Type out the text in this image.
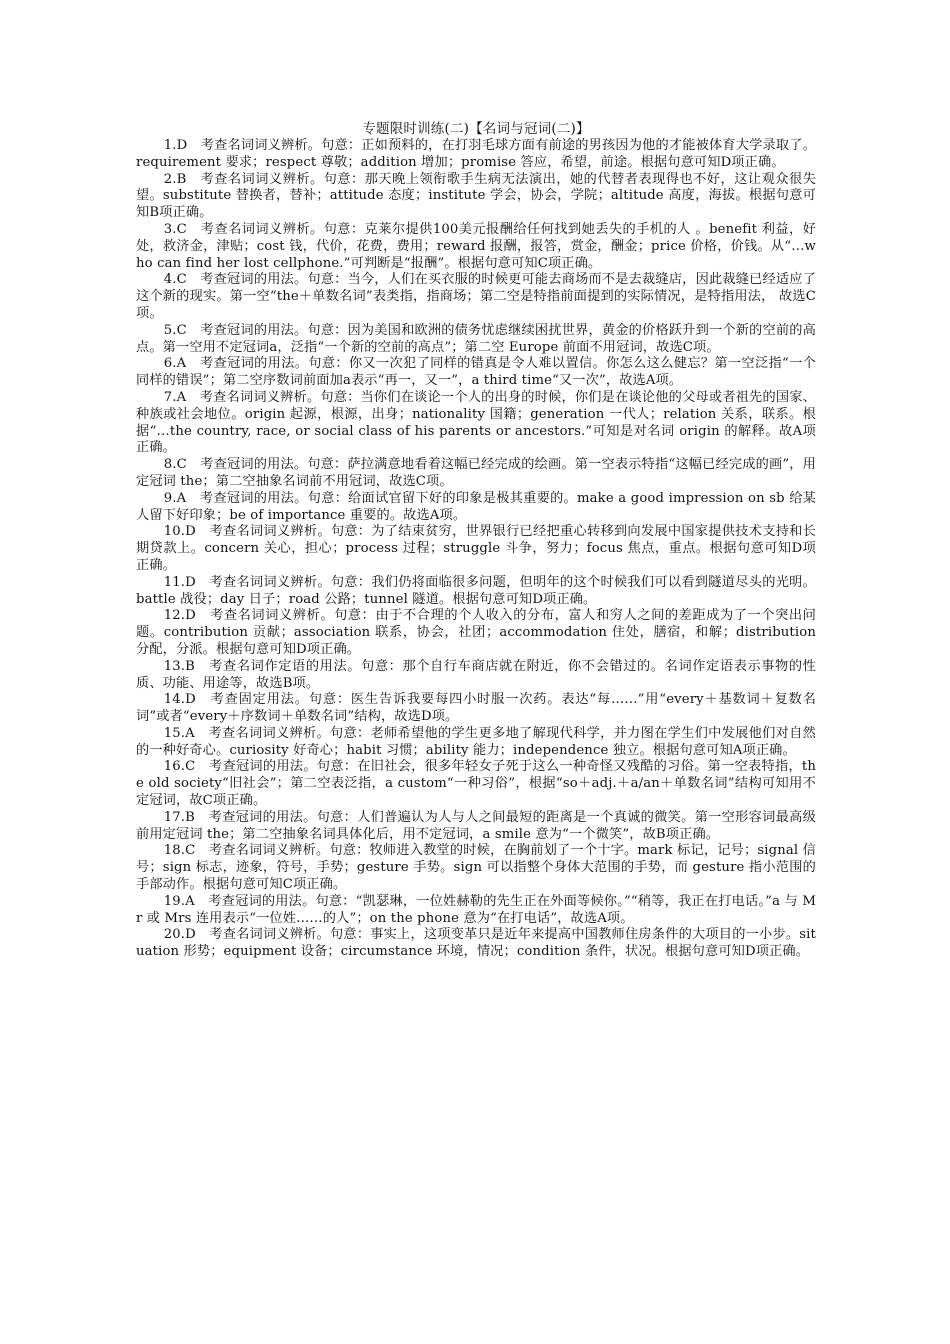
专题限时训练(二)【名词与冠词(二)】

1.D　考查名词词义辨析。句意：正如预料的，在打羽毛球方面有前途的男孩因为他的才能被体育大学录取了。requirement 要求；respect 尊敬；addition 增加；promise 答应，希望，前途。根据句意可知D项正确。

2.B　考查名词词义辨析。句意：那天晚上领衔歌手生病无法演出，她的代替者表现得也不好，这让观众很失望。substitute 替换者，替补；attitude 态度；institute 学会，协会，学院；altitude 高度，海拔。根据句意可知B项正确。

3.C　考查名词词义辨析。句意：克莱尔提供100美元报酬给任何找到她丢失的手机的人 。benefit 利益，好处，救济金，津贴；cost 钱，代价，花费，费用；reward 报酬，报答，赏金，酬金；price 价格，价钱。从“…who can find her lost cellphone.”可判断是“报酬”。根据句意可知C项正确。

4.C　考查冠词的用法。句意：当今，人们在买衣服的时候更可能去商场而不是去裁缝店，因此裁缝已经适应了这个新的现实。第一空“the＋单数名词”表类指，指商场；第二空是特指前面提到的实际情况，是特指用法， 故选C项。

5.C　考查冠词的用法。句意：因为美国和欧洲的债务忧虑继续困扰世界，黄金的价格跃升到一个新的空前的高点。第一空用不定冠词a，泛指“一个新的空前的高点”；第二空 Europe 前面不用冠词，故选C项。

6.A　考查冠词的用法。句意：你又一次犯了同样的错真是令人难以置信。你怎么这么健忘？第一空泛指“一个同样的错误”；第二空序数词前面加a表示“再一，又一”，a third time“又一次”，故选A项。

7.A　考查名词词义辨析。句意：当你们在谈论一个人的出身的时候，你们是在谈论他的父母或者祖先的国家、种族或社会地位。origin 起源，根源，出身；nationality 国籍；generation 一代人；relation 关系，联系。根据“…the country, race, or social class of his parents or ancestors.”可知是对名词 origin 的解释。故A项正确。

8.C　考查冠词的用法。句意：萨拉满意地看着这幅已经完成的绘画。第一空表示特指“这幅已经完成的画”，用定冠词 the；第二空抽象名词前不用冠词，故选C项。

9.A　考查冠词的用法。句意：给面试官留下好的印象是极其重要的。make a good impression on sb 给某人留下好印象；be of importance 重要的。故选A项。

10.D　考查名词词义辨析。句意：为了结束贫穷，世界银行已经把重心转移到向发展中国家提供技术支持和长期贷款上。concern 关心，担心；process 过程；struggle 斗争，努力；focus 焦点，重点。根据句意可知D项正确。

11.D　考查名词词义辨析。句意：我们仍将面临很多问题，但明年的这个时候我们可以看到隧道尽头的光明。battle 战役；day 日子；road 公路；tunnel 隧道。根据句意可知D项正确。

12.D　考查名词词义辨析。句意：由于不合理的个人收入的分布，富人和穷人之间的差距成为了一个突出问题。contribution 贡献；association 联系，协会，社团；accommodation 住处，膳宿，和解；distribution 分配，分派。根据句意可知D项正确。

13.B　考查名词作定语的用法。句意：那个自行车商店就在附近，你不会错过的。名词作定语表示事物的性质、功能、用途等，故选B项。

14.D　考查固定用法。句意：医生告诉我要每四小时服一次药。表达“每……”用“every＋基数词＋复数名词”或者“every＋序数词＋单数名词”结构，故选D项。

15.A　考查名词词义辨析。句意：老师希望他的学生更多地了解现代科学，并力图在学生们中发展他们对自然的一种好奇心。curiosity 好奇心；habit 习惯；ability 能力；independence 独立。根据句意可知A项正确。

16.C　考查冠词的用法。句意：在旧社会，很多年轻女子死于这么一种奇怪又残酷的习俗。第一空表特指，the old society“旧社会”；第二空表泛指，a custom“一种习俗”，根据“so＋adj.＋a/an＋单数名词”结构可知用不定冠词，故C项正确。

17.B　考查冠词的用法。句意：人们普遍认为人与人之间最短的距离是一个真诚的微笑。第一空形容词最高级前用定冠词 the；第二空抽象名词具体化后，用不定冠词，a smile 意为“一个微笑”，故B项正确。

18.C　考查名词词义辨析。句意：牧师进入教堂的时候，在胸前划了一个十字。mark 标记，记号；signal 信号；sign 标志，迹象，符号，手势；gesture 手势。sign 可以指整个身体大范围的手势，而 gesture 指小范围的手部动作。根据句意可知C项正确。

19.A　考查冠词的用法。句意：“凯瑟琳，一位姓赫勒的先生正在外面等候你。”“稍等，我正在打电话。”a 与 Mr 或 Mrs 连用表示“一位姓……的人”；on the phone 意为“在打电话”，故选A项。

20.D　考查名词词义辨析。句意：事实上，这项变革只是近年来提高中国教师住房条件的大项目的一小步。situation 形势；equipment 设备；circumstance 环境，情况；condition 条件，状况。根据句意可知D项正确。
